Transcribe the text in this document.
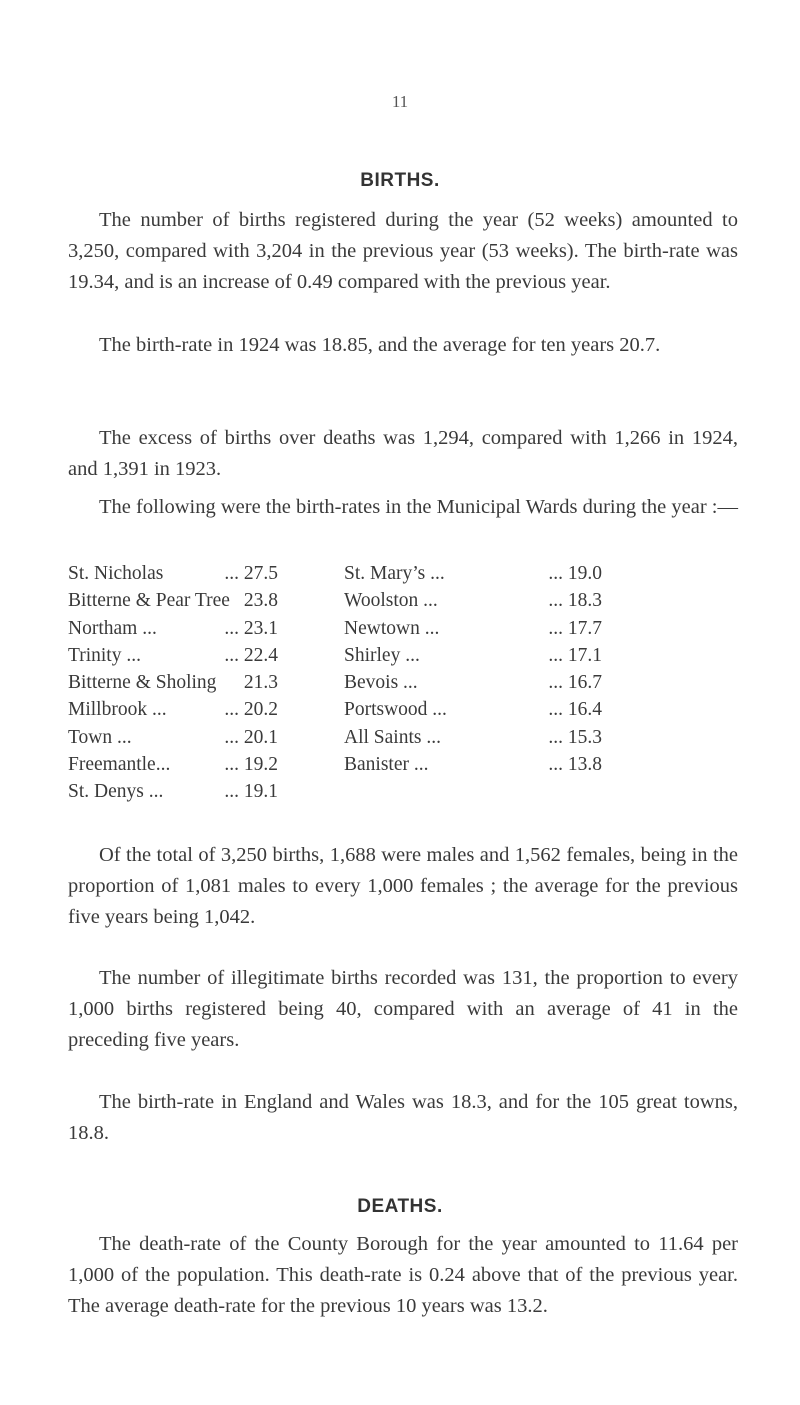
11
BIRTHS.

The number of births registered during the year (52 weeks) amounted to 3,250, compared with 3,204 in the previous year (53 weeks). The birth-rate was 19.34, and is an increase of 0.49 compared with the previous year.

The birth-rate in 1924 was 18.85, and the average for ten years 20.7.

The excess of births over deaths was 1,294, compared with 1,266 in 1924, and 1,391 in 1923.

The following were the birth-rates in the Municipal Wards during the year :—

St. Nicholas	... 27.5
Bitterne & Pear Tree 23.8
Northam ...	... 23.1
Trinity ...	... 22.4
Bitterne & Sholing 21.3
Millbrook ...	... 20.2
Town ...	... 20.1
Freemantle...	... 19.2
St. Denys ...	... 19.1
St. Mary’s ...	... 19.0
Woolston ...	... 18.3
Newtown ...	... 17.7
Shirley ...	... 17.1
Bevois ...	... 16.7
Portswood ...	... 16.4
All Saints ...	... 15.3
Banister ...	... 13.8

Of the total of 3,250 births, 1,688 were males and 1,562 females, being in the proportion of 1,081 males to every 1,000 females ; the average for the previous five years being 1,042.

The number of illegitimate births recorded was 131, the proportion to every 1,000 births registered being 40, compared with an average of 41 in the preceding five years.

The birth-rate in England and Wales was 18.3, and for the 105 great towns, 18.8.

DEATHS.

The death-rate of the County Borough for the year amounted to 11.64 per 1,000 of the population. This death-rate is 0.24 above that of the previous year. The average death-rate for the previous 10 years was 13.2.
